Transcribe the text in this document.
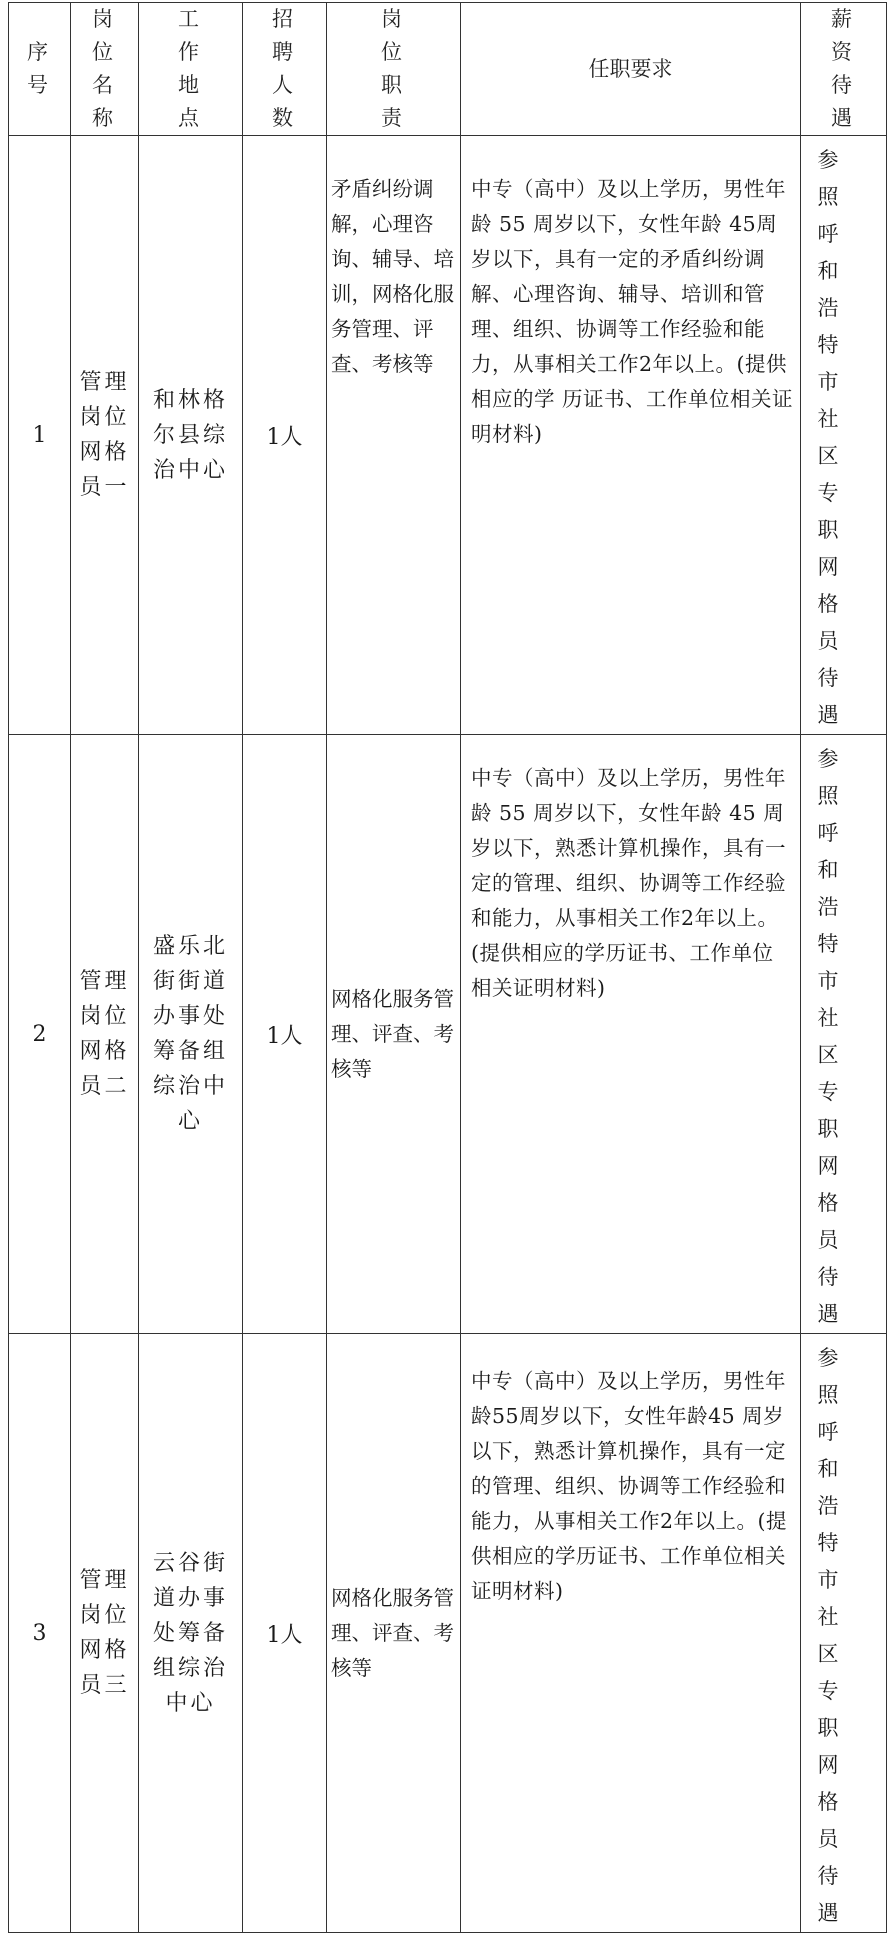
序号	岗位名称	工作地点	招聘人数	岗位职责	任职要求	薪资待遇
1	管理岗位网格员一	和林格尔县综治中心	1人	矛盾纠纷调解，心理咨询、辅导、培训，网格化服务管理、评查、考核等	中专（高中）及以上学历，男性年龄 55 周岁以下，女性年龄 45周岁以下，具有一定的矛盾纠纷调解、心理咨询、辅导、培训和管理、组织、协调等工作经验和能力，从事相关工作2年以上。(提供相应的学 历证书、工作单位相关证明材料)	参照呼和浩特市社区专职网格员待遇
2	管理岗位网格员二	盛乐北街街道办事处筹备组综治中心	1人	网格化服务管理、评查、考核等	中专（高中）及以上学历，男性年龄 55 周岁以下，女性年龄 45 周岁以下，熟悉计算机操作，具有一定的管理、组织、协调等工作经验和能力，从事相关工作2年以上。(提供相应的学历证书、工作单位相关证明材料)	参照呼和浩特市社区专职网格员待遇
3	管理岗位网格员三	云谷街道办事处筹备组综治中心	1人	网格化服务管理、评查、考核等	中专（高中）及以上学历，男性年龄55周岁以下，女性年龄45 周岁以下，熟悉计算机操作，具有一定的管理、组织、协调等工作经验和能力，从事相关工作2年以上。(提供相应的学历证书、工作单位相关证明材料)	参照呼和浩特市社区专职网格员待遇
